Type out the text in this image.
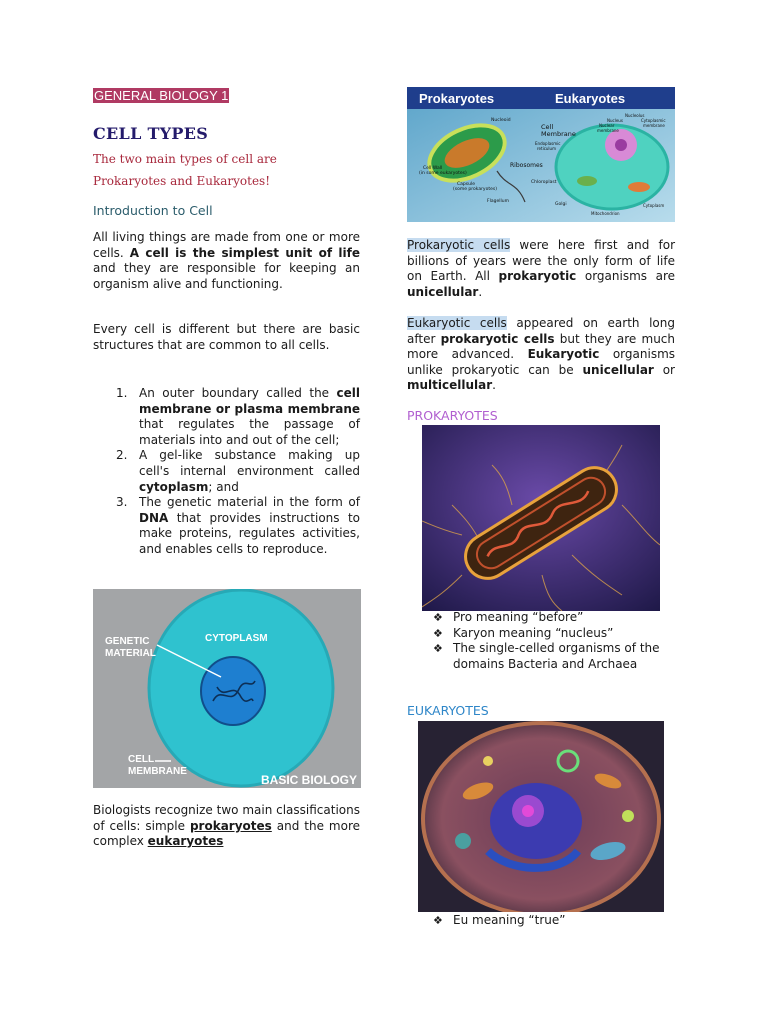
GENERAL BIOLOGY 1
CELL TYPES
The two main types of cell are
Prokaryotes and Eukaryotes!
Introduction to Cell
All living things are made from one or more cells. A cell is the simplest unit of life and they are responsible for keeping an organism alive and functioning.
Every cell is different but there are basic structures that are common to all cells.
1. An outer boundary called the cell membrane or plasma membrane that regulates the passage of materials into and out of the cell;
2. A gel-like substance making up cell's internal environment called cytoplasm; and
3. The genetic material in the form of DNA that provides instructions to make proteins, regulates activities, and enables cells to reproduce.
GENETIC
MATERIAL
CYTOPLASM
CELL
MEMBRANE
BASIC BIOLOGY
Biologists recognize two main classifications of cells: simple prokaryotes and the more complex eukaryotes
Prokaryotes	Eukaryotes
Nucleoid
Cell Wall
(in some eukaryotes)
Capsule
(some prokaryotes)
Flagellum
Cell
Membrane
Endoplasmic
reticulum
Ribosomes
Chloroplast
Golgi
Nucleolus
Nucleus
Nuclear
membrane
Cytoplasmic
membrane
Cytoplasm
Mitochondrion
Prokaryotic cells were here first and for billions of years were the only form of life on Earth. All prokaryotic organisms are unicellular.
Eukaryotic cells appeared on earth long after prokaryotic cells but they are much more advanced. Eukaryotic organisms unlike prokaryotic can be unicellular or multicellular.
PROKARYOTES
❖ Pro meaning “before”
❖ Karyon meaning “nucleus”
❖ The single-celled organisms of the domains Bacteria and Archaea
EUKARYOTES
❖ Eu meaning “true”
